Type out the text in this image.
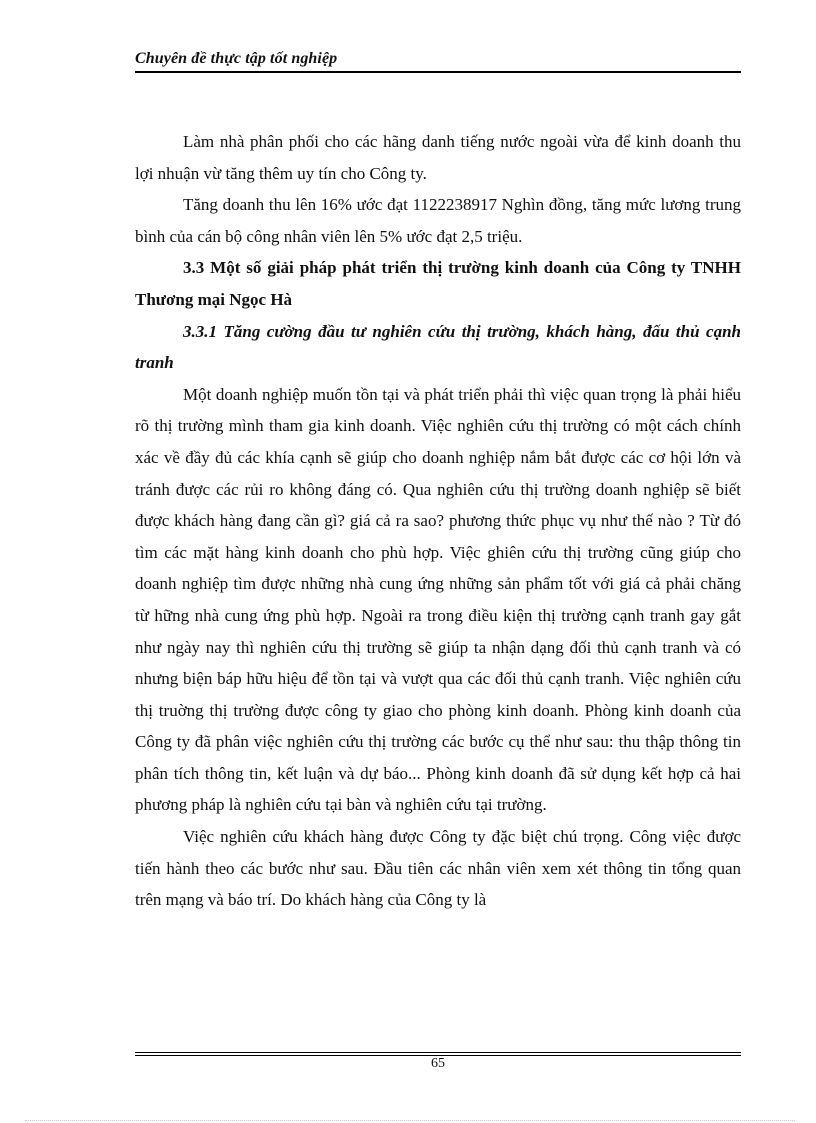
Chuyên đề thực tập tốt nghiệp

Làm nhà phân phối cho các hãng danh tiếng nước ngoài vừa để kinh doanh thu lợi nhuận vừ tăng thêm uy tín cho Công ty.

Tăng doanh thu lên 16% ước đạt 1122238917 Nghìn đồng, tăng mức lương trung bình của cán bộ công nhân viên lên 5% ước đạt 2,5 triệu.

3.3 Một số giải pháp phát triển thị trường kinh doanh của Công ty TNHH Thương mại Ngọc Hà

3.3.1 Tăng cường đầu tư nghiên cứu thị trường, khách hàng, đấu thủ cạnh tranh

Một doanh nghiệp muốn tồn tại và phát triển phải thì việc quan trọng là phải hiểu rõ thị trường mình tham gia kinh doanh. Việc nghiên cứu thị trường có một cách chính xác về đầy đủ các khía cạnh sẽ giúp cho doanh nghiệp nắm bắt được các cơ hội lớn và tránh được các rủi ro không đáng có. Qua nghiên cứu thị trường doanh nghiệp sẽ biết được khách hàng đang cần gì? giá cả ra sao? phương thức phục vụ như thế nào ? Từ đó tìm các mặt hàng kinh doanh cho phù hợp. Việc ghiên cứu thị trường cũng giúp cho doanh nghiệp tìm được những nhà cung ứng những sản phẩm tốt với giá cả phải chăng từ hững nhà cung ứng phù hợp. Ngoài ra trong điều kiện thị trường cạnh tranh gay gắt như ngày nay thì nghiên cứu thị trường sẽ giúp ta nhận dạng đối thủ cạnh tranh và có nhưng biện báp hữu hiệu để tồn tại và vượt qua các đối thủ cạnh tranh. Việc nghiên cứu thị truờng thị trường được công ty giao cho phòng kinh doanh. Phòng kinh doanh của Công ty đã phân việc nghiên cứu thị trường các bước cụ thể như sau: thu thập thông tin phân tích thông tin, kết luận và dự báo... Phòng kinh doanh đã sử dụng kết hợp cả hai phương pháp là nghiên cứu tại bàn và nghiên cứu tại trường.

Việc nghiên cứu khách hàng được Công ty đặc biệt chú trọng. Công việc được tiến hành theo các bước như sau. Đầu tiên các nhân viên xem xét thông tin tổng quan trên mạng và báo trí. Do khách hàng của Công ty là

65
